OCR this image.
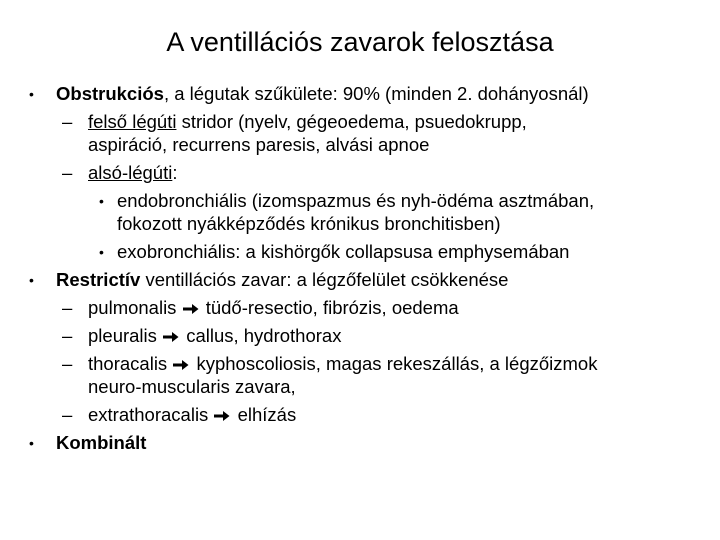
A ventillációs zavarok felosztása
• Obstrukciós, a légutak szűkülete: 90% (minden 2. dohányosnál)
– felső légúti stridor (nyelv, gégeoedema, psuedokrupp,
aspiráció, recurrens paresis, alvási apnoe
– alsó-légúti:
• endobronchiális (izomspazmus és nyh-ödéma asztmában,
fokozott nyákképződés krónikus bronchitisben)
• exobronchiális: a kishörgők collapsusa emphysemában
• Restrictív ventillációs zavar: a légzőfelület csökkenése
– pulmonalis tüdő-resectio, fibrózis, oedema
– pleuralis callus, hydrothorax
– thoracalis kyphoscoliosis, magas rekeszállás, a légzőizmok
neuro-muscularis zavara,
– extrathoracalis elhízás
• Kombinált
